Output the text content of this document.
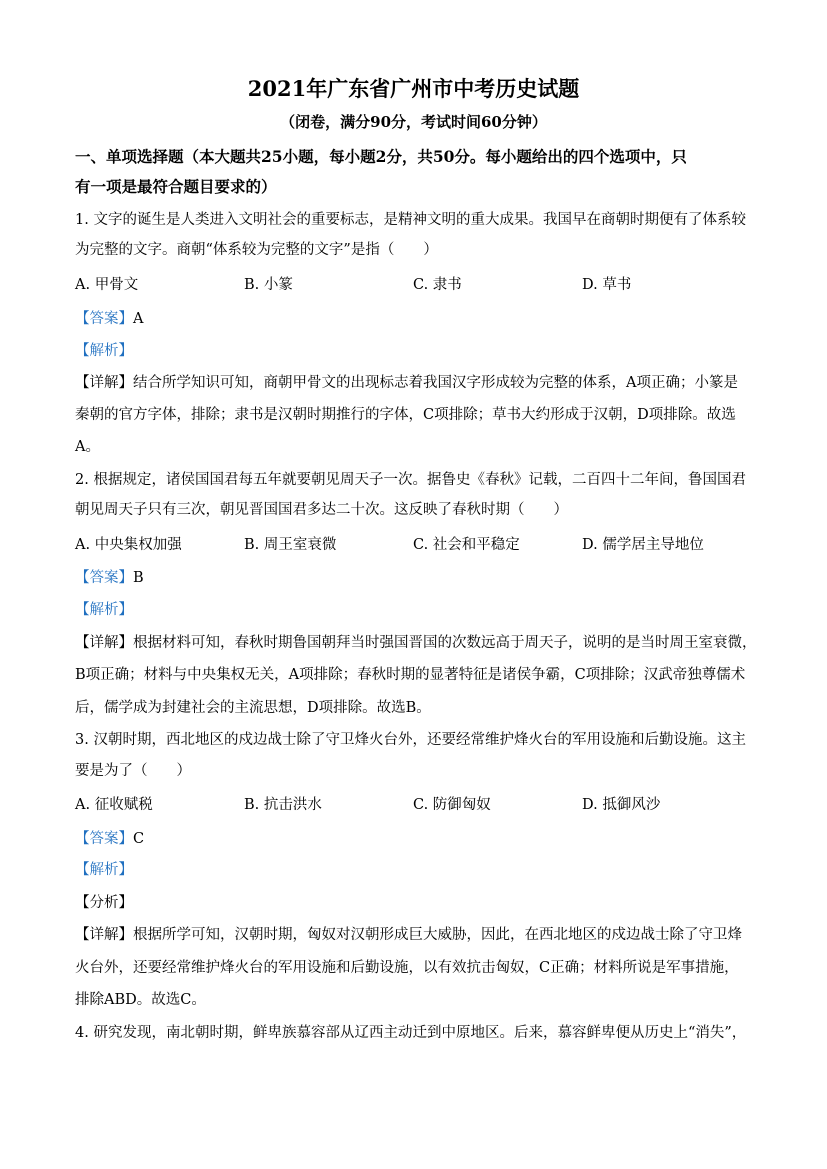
2021年广东省广州市中考历史试题
（闭卷，满分90分，考试时间60分钟）
一、单项选择题（本大题共25小题，每小题2分，共50分。每小题给出的四个选项中，只
有一项是最符合题目要求的）
1. 文字的诞生是人类进入文明社会的重要标志，是精神文明的重大成果。我国早在商朝时期便有了体系较
为完整的文字。商朝“体系较为完整的文字”是指（　　）
A. 甲骨文	B. 小篆	C. 隶书	D. 草书
【答案】A
【解析】
【详解】结合所学知识可知，商朝甲骨文的出现标志着我国汉字形成较为完整的体系，A项正确；小篆是
秦朝的官方字体，排除；隶书是汉朝时期推行的字体，C项排除；草书大约形成于汉朝，D项排除。故选
A。
2. 根据规定，诸侯国国君每五年就要朝见周天子一次。据鲁史《春秋》记载，二百四十二年间，鲁国国君
朝见周天子只有三次，朝见晋国国君多达二十次。这反映了春秋时期（　　）
A. 中央集权加强	B. 周王室衰微	C. 社会和平稳定	D. 儒学居主导地位
【答案】B
【解析】
【详解】根据材料可知，春秋时期鲁国朝拜当时强国晋国的次数远高于周天子，说明的是当时周王室衰微，
B项正确；材料与中央集权无关，A项排除；春秋时期的显著特征是诸侯争霸，C项排除；汉武帝独尊儒术
后，儒学成为封建社会的主流思想，D项排除。故选B。
3. 汉朝时期，西北地区的戍边战士除了守卫烽火台外，还要经常维护烽火台的军用设施和后勤设施。这主
要是为了（　　）
A. 征收赋税	B. 抗击洪水	C. 防御匈奴	D. 抵御风沙
【答案】C
【解析】
【分析】
【详解】根据所学可知，汉朝时期，匈奴对汉朝形成巨大威胁，因此，在西北地区的戍边战士除了守卫烽
火台外，还要经常维护烽火台的军用设施和后勤设施，以有效抗击匈奴，C正确；材料所说是军事措施，
排除ABD。故选C。
4. 研究发现，南北朝时期，鲜卑族慕容部从辽西主动迁到中原地区。后来，慕容鲜卑便从历史上“消失”，
